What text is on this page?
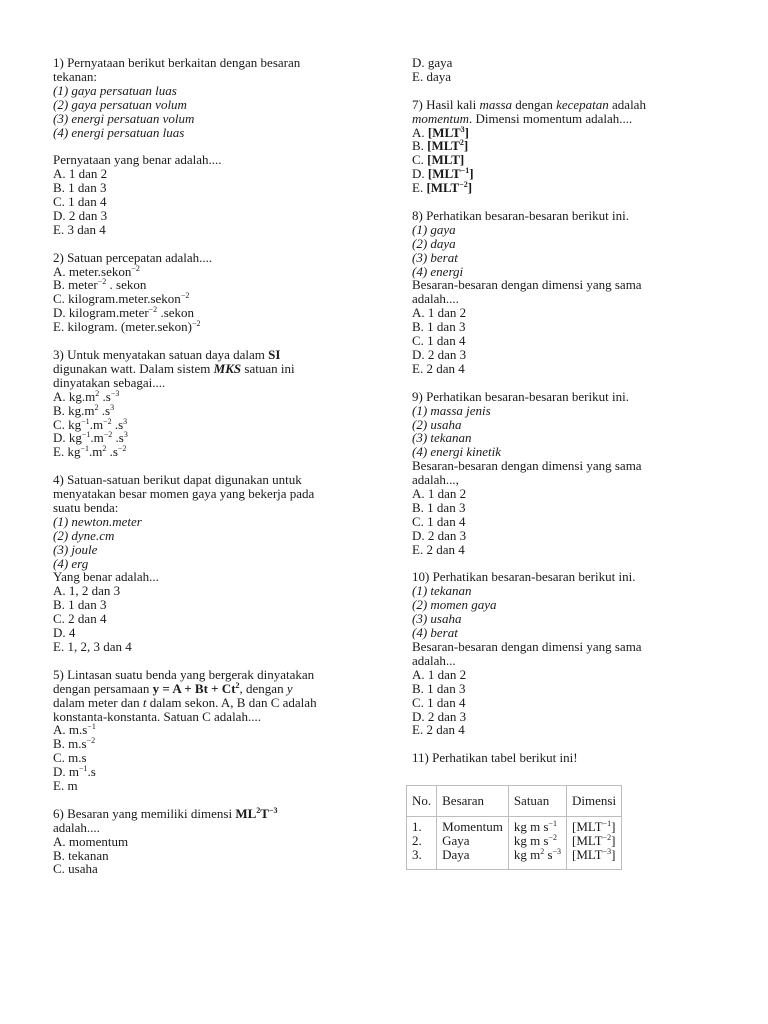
1) Pernyataan berikut berkaitan dengan besaran
tekanan:
(1) gaya persatuan luas
(2) gaya persatuan volum
(3) energi persatuan volum
(4) energi persatuan luas
Pernyataan yang benar adalah....
A. 1 dan 2
B. 1 dan 3
C. 1 dan 4
D. 2 dan 3
E. 3 dan 4
2) Satuan percepatan adalah....
A. meter.sekon$^{-2}$
B. meter$^{-2}$ . sekon
C. kilogram.meter.sekon$^{-2}$
D. kilogram.meter$^{-2}$ .sekon
E. kilogram. (meter.sekon)$^{-2}$
3) Untuk menyatakan satuan daya dalam SI
digunakan watt. Dalam sistem MKS satuan ini
dinyatakan sebagai....
A. $kg.m^2$ $.s^{-3}$
B. $kg.m^2$ $.s^3$
C. $kg^{-1}.m^{-2}$ $.s^3$
D. $kg^{-1}.m^{-2}$ $.s^3$
E. $kg^{-1}.m^2$ $.s^{-2}$
4) Satuan-satuan berikut dapat digunakan untuk
menyatakan besar momen gaya yang bekerja pada
suatu benda:
(1) newton.meter
(2) dyne.cm
(3) joule
(4) erg
Yang benar adalah...
A. 1, 2 dan 3
B. 1 dan 3
C. 2 dan 4
D. 4
E. 1, 2, 3 dan 4
5) Lintasan suatu benda yang bergerak dinyatakan
dengan persamaan $y = A + Bt + Ct^2$, dengan y
dalam meter dan t dalam sekon. A, B dan C adalah
konstanta-konstanta. Satuan C adalah....
A. $m.s^{-1}$
B. $m.s^{-2}$
C. m.s
D. $m^{-1}.s$
E. m
6) Besaran yang memiliki dimensi $ML^2T^{-3}$
adalah....
A. momentum
B. tekanan
C. usaha
D. gaya
E. daya
7) Hasil kali massa dengan kecepatan adalah
momentum. Dimensi momentum adalah....
A. [MLT$^3$]
B. [MLT$^2$]
C. [MLT]
D. $[MLT^{-1}]$
E. $[MLT^{-2}]$
8) Perhatikan besaran-besaran berikut ini.
(1) gaya
(2) daya
(3) berat
(4) energi
Besaran-besaran dengan dimensi yang sama
adalah....
A. 1 dan 2
B. 1 dan 3
C. 1 dan 4
D. 2 dan 3
E. 2 dan 4
9) Perhatikan besaran-besaran berikut ini.
(1) massa jenis
(2) usaha
(3) tekanan
(4) energi kinetik
Besaran-besaran dengan dimensi yang sama
adalah...,
A. 1 dan 2
B. 1 dan 3
C. 1 dan 4
D. 2 dan 3
E. 2 dan 4
10) Perhatikan besaran-besaran berikut ini.
(1) tekanan
(2) momen gaya
(3) usaha
(4) berat
Besaran-besaran dengan dimensi yang sama
adalah...
A. 1 dan 2
B. 1 dan 3
C. 1 dan 4
D. 2 dan 3
E. 2 dan 4
11) Perhatikan tabel berikut ini!
No.	Besaran	Satuan	Dimensi
1.	Momentum	kg m $s^{-1}$	$[MLT^{-1}]$
2.	Gaya	kg m $s^{-2}$	$[MLT^{-2}]$
3.	Daya	kg $m^2$ $s^{-3}$	$[MLT^{-3}]$
